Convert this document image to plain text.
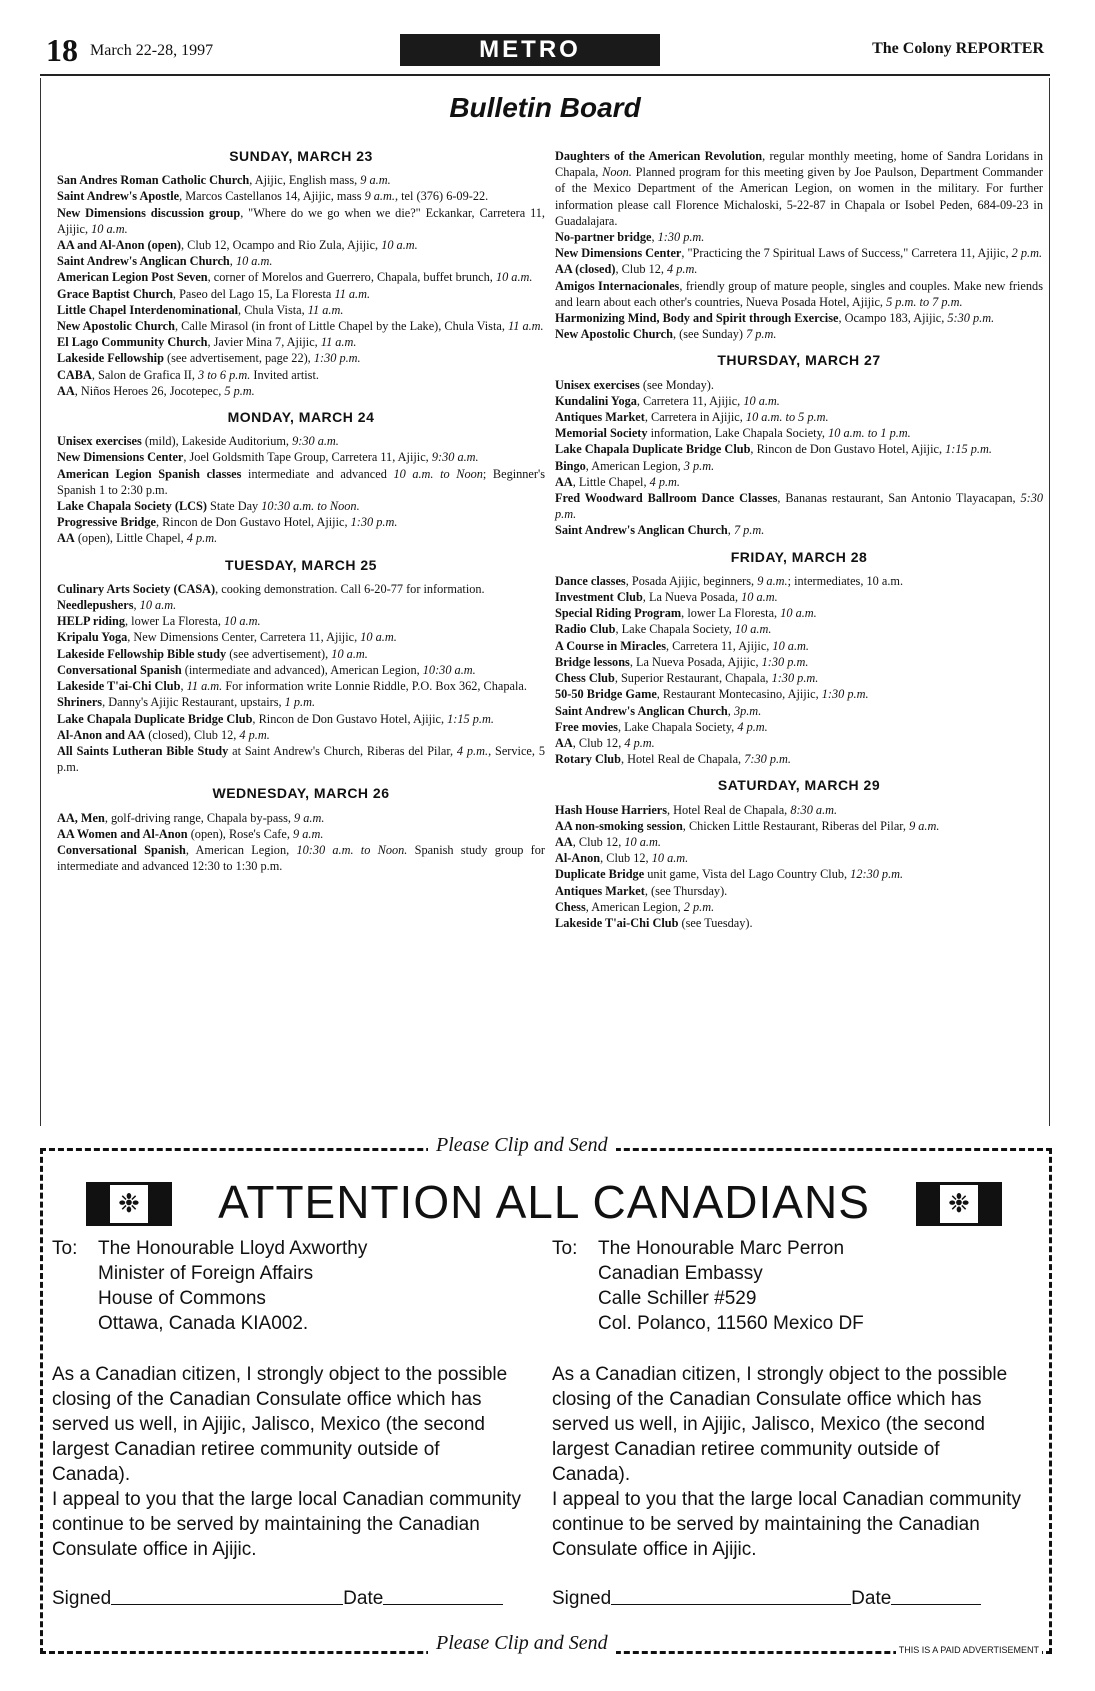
18 March 22-28, 1997	METRO	The Colony REPORTER
Bulletin Board
SUNDAY, MARCH 23

San Andres Roman Catholic Church, Ajijic, English mass, 9 a.m.

Saint Andrew's Apostle, Marcos Castellanos 14, Ajijic, mass 9 a.m., tel (376) 6-09-22.

New Dimensions discussion group, "Where do we go when we die?" Eckankar, Carretera 11, Ajijic, 10 a.m.

AA and Al-Anon (open), Club 12, Ocampo and Rio Zula, Ajijic, 10 a.m.

Saint Andrew's Anglican Church, 10 a.m.

American Legion Post Seven, corner of Morelos and Guerrero, Chapala, buffet brunch, 10 a.m.

Grace Baptist Church, Paseo del Lago 15, La Floresta 11 a.m.

Little Chapel Interdenominational, Chula Vista, 11 a.m.

New Apostolic Church, Calle Mirasol (in front of Little Chapel by the Lake), Chula Vista, 11 a.m.

El Lago Community Church, Javier Mina 7, Ajijic, 11 a.m.

Lakeside Fellowship (see advertisement, page 22), 1:30 p.m.

CABA, Salon de Grafica II, 3 to 6 p.m. Invited artist.

AA, Niños Heroes 26, Jocotepec, 5 p.m.

MONDAY, MARCH 24

Unisex exercises (mild), Lakeside Auditorium, 9:30 a.m.

New Dimensions Center, Joel Goldsmith Tape Group, Carretera 11, Ajijic, 9:30 a.m.

American Legion Spanish classes intermediate and advanced 10 a.m. to Noon; Beginner's Spanish 1 to 2:30 p.m.

Lake Chapala Society (LCS) State Day 10:30 a.m. to Noon.

Progressive Bridge, Rincon de Don Gustavo Hotel, Ajijic, 1:30 p.m.

AA (open), Little Chapel, 4 p.m.

TUESDAY, MARCH 25

Culinary Arts Society (CASA), cooking demonstration. Call 6-20-77 for information.

Needlepushers, 10 a.m.

HELP riding, lower La Floresta, 10 a.m.

Kripalu Yoga, New Dimensions Center, Carretera 11, Ajijic, 10 a.m.

Lakeside Fellowship Bible study (see advertisement), 10 a.m.

Conversational Spanish (intermediate and advanced), American Legion, 10:30 a.m.

Lakeside T'ai-Chi Club, 11 a.m. For information write Lonnie Riddle, P.O. Box 362, Chapala.

Shriners, Danny's Ajijic Restaurant, upstairs, 1 p.m.

Lake Chapala Duplicate Bridge Club, Rincon de Don Gustavo Hotel, Ajijic, 1:15 p.m.

Al-Anon and AA (closed), Club 12, 4 p.m.

All Saints Lutheran Bible Study at Saint Andrew's Church, Riberas del Pilar, 4 p.m., Service, 5 p.m.

WEDNESDAY, MARCH 26

AA, Men, golf-driving range, Chapala by-pass, 9 a.m.

AA Women and Al-Anon (open), Rose's Cafe, 9 a.m.

Conversational Spanish, American Legion, 10:30 a.m. to Noon. Spanish study group for intermediate and advanced 12:30 to 1:30 p.m.

Daughters of the American Revolution, regular monthly meeting, home of Sandra Loridans in Chapala, Noon. Planned program for this meeting given by Joe Paulson, Department Commander of the Mexico Department of the American Legion, on women in the military. For further information please call Florence Michaloski, 5-22-87 in Chapala or Isobel Peden, 684-09-23 in Guadalajara.

No-partner bridge, 1:30 p.m.

New Dimensions Center, "Practicing the 7 Spiritual Laws of Success," Carretera 11, Ajijic, 2 p.m.

AA (closed), Club 12, 4 p.m.

Amigos Internacionales, friendly group of mature people, singles and couples. Make new friends and learn about each other's countries, Nueva Posada Hotel, Ajijic, 5 p.m. to 7 p.m.

Harmonizing Mind, Body and Spirit through Exercise, Ocampo 183, Ajijic, 5:30 p.m.

New Apostolic Church, (see Sunday) 7 p.m.

THURSDAY, MARCH 27

Unisex exercises (see Monday).

Kundalini Yoga, Carretera 11, Ajijic, 10 a.m.

Antiques Market, Carretera in Ajijic, 10 a.m. to 5 p.m.

Memorial Society information, Lake Chapala Society, 10 a.m. to 1 p.m.

Lake Chapala Duplicate Bridge Club, Rincon de Don Gustavo Hotel, Ajijic, 1:15 p.m.

Bingo, American Legion, 3 p.m.

AA, Little Chapel, 4 p.m.

Fred Woodward Ballroom Dance Classes, Bananas restaurant, San Antonio Tlayacapan, 5:30 p.m.

Saint Andrew's Anglican Church, 7 p.m.

FRIDAY, MARCH 28

Dance classes, Posada Ajijic, beginners, 9 a.m.; intermediates, 10 a.m.

Investment Club, La Nueva Posada, 10 a.m.

Special Riding Program, lower La Floresta, 10 a.m.

Radio Club, Lake Chapala Society, 10 a.m.

A Course in Miracles, Carretera 11, Ajijic, 10 a.m.

Bridge lessons, La Nueva Posada, Ajijic, 1:30 p.m.

Chess Club, Superior Restaurant, Chapala, 1:30 p.m.

50-50 Bridge Game, Restaurant Montecasino, Ajijic, 1:30 p.m.

Saint Andrew's Anglican Church, 3p.m.

Free movies, Lake Chapala Society, 4 p.m.

AA, Club 12, 4 p.m.

Rotary Club, Hotel Real de Chapala, 7:30 p.m.

SATURDAY, MARCH 29

Hash House Harriers, Hotel Real de Chapala, 8:30 a.m.

AA non-smoking session, Chicken Little Restaurant, Riberas del Pilar, 9 a.m.

AA, Club 12, 10 a.m.

Al-Anon, Club 12, 10 a.m.

Duplicate Bridge unit game, Vista del Lago Country Club, 12:30 p.m.

Antiques Market, (see Thursday).

Chess, American Legion, 2 p.m.

Lakeside T'ai-Chi Club (see Tuesday).

Please Clip and Send
Please Clip and Send	THIS IS A PAID ADVERTISEMENT
❉	ATTENTION ALL CANADIANS	❉
To:	The Honourable Lloyd Axworthy
Minister of Foreign Affairs
House of Commons
Ottawa, Canada KIA002.
As a Canadian citizen, I strongly object to the possible closing of the Canadian Consulate office which has served us well, in Ajijic, Jalisco, Mexico (the second largest Canadian retiree community outside of Canada).
I appeal to you that the large local Canadian community continue to be served by maintaining the Canadian Consulate office in Ajijic.
Signed	Date
To:	The Honourable Marc Perron
Canadian Embassy
Calle Schiller #529
Col. Polanco, 11560 Mexico DF
As a Canadian citizen, I strongly object to the possible closing of the Canadian Consulate office which has served us well, in Ajijic, Jalisco, Mexico (the second largest Canadian retiree community outside of Canada).
I appeal to you that the large local Canadian community continue to be served by maintaining the Canadian Consulate office in Ajijic.
Signed	Date
